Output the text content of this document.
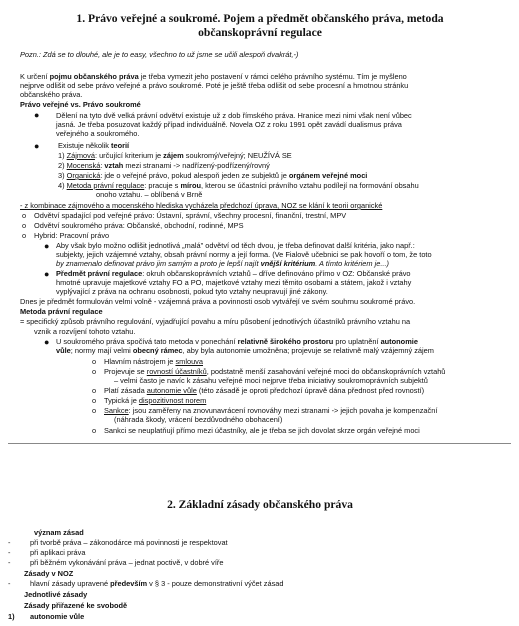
1. Právo veřejné a soukromé. Pojem a předmět občanského práva, metoda
občanskoprávní regulace
Pozn.: Zdá se to dlouhé, ale je to easy, všechno to už jsme se učili alespoň dvakrát,-)
K určení pojmu občanského práva je třeba vymezit jeho postavení v rámci celého právního systému. Tím je myšleno
nejprve odlišit od sebe právo veřejné a právo soukromé. Poté je ještě třeba odlišit od sebe procesní a hmotnou stránku
občanského práva.
Právo veřejné vs. Právo soukromé
● Dělení na tyto dvě velká právní odvětví existuje už z dob římského práva. Hranice mezi nimi však není vůbec
jasná. Je třeba posuzovat každý případ individuálně. Novela OZ z roku 1991 opět zavádí dualismus práva
veřejného a soukromého.
●	Existuje několik teorií
1) Zájmová: určující kriterium je zájem soukromý/veřejný; NEUŽÍVÁ SE
2) Mocenská: vztah mezi stranami -> nadřízený-podřízený/rovný
3) Organická: jde o veřejné právo, pokud alespoň jeden ze subjektů je orgánem veřejné moci
4) Metoda právní regulace: pracuje s mírou, kterou se účastníci právního vztahu podílejí na formování obsahu
onoho vztahu. – oblíbená v Brně
- z kombinace zájmového a mocenského hlediska vycházela předchozí úprava, NOZ se klání k teorii organické
o Odvětví spadající pod veřejné právo: Ústavní, správní, všechny procesní, finanční, trestní, MPV
o Odvětví soukromého práva: Občanské, obchodní, rodinné, MPS
o Hybrid: Pracovní právo
● Aby však bylo možno odlišit jednotlivá „malá" odvětví od těch dvou, je třeba definovat další kritéria, jako např.:
subjekty, jejich vzájemné vztahy, obsah právní normy a její forma. (Ve Fialově učebnici se pak hovoří o tom, že toto
by znamenalo definovat právo jim samým a proto je lepší najít vnější kritérium. A tímto kritériem je...)
● Předmět právní regulace: okruh občanskoprávních vztahů – dříve definováno přímo v OZ: Občanské právo
hmotné upravuje majetkové vztahy FO a PO, majetkové vztahy mezi těmito osobami a státem, jakož i vztahy
vyplývající z práva na ochranu osobnosti, pokud tyto vztahy neupravují jiné zákony.
Dnes je předmět formulován velmi volně - vzájemná práva a povinnosti osob vytvářejí ve svém souhrnu soukromé právo.
Metoda právní regulace
= specifický způsob právního regulování, vyjadřující povahu a míru působení jednotlivých účastníků právního vztahu na
vznik a rozvíjení tohoto vztahu.
● U soukromého práva spočívá tato metoda v ponechání relativně širokého prostoru pro uplatnění autonomie
vůle; normy mají velmi obecný rámec, aby byla autonomie umožněna; projevuje se relativně malý vzájemný zájem
o Hlavním nástrojem je smlouva
o Projevuje se rovností účastníků, podstatně menší zasahování veřejné moci do občanskoprávních vztahů
– velmi často je navíc k zásahu veřejné moci nejprve třeba iniciativy soukromoprávních subjektů
o Platí zásada autonomie vůle (této zásadě je oproti předchozí úpravě dána přednost před rovností)
o Typická je dispozitivnost norem
o Sankce: jsou zaměřeny na znovunavrácení rovnováhy mezi stranami -> jejich povaha je kompenzační
(náhrada škody, vrácení bezdůvodného obohacení)
o Sankci se neuplatňují přímo mezi účastníky, ale je třeba se jich dovolat skrze orgán veřejné moci
2. Základní zásady občanského práva
význam zásad
-	při tvorbě práva – zákonodárce má povinnosti je respektovat
-	při aplikaci práva
-	při běžném vykonávání práva – jednat poctivě, v dobré víře
Zásady v NOZ
-	hlavní zásady upravené především v § 3 - pouze demonstrativní výčet zásad
Jednotlivé zásady
Zásady přiřazené ke svobodě
1) autonomie vůle
